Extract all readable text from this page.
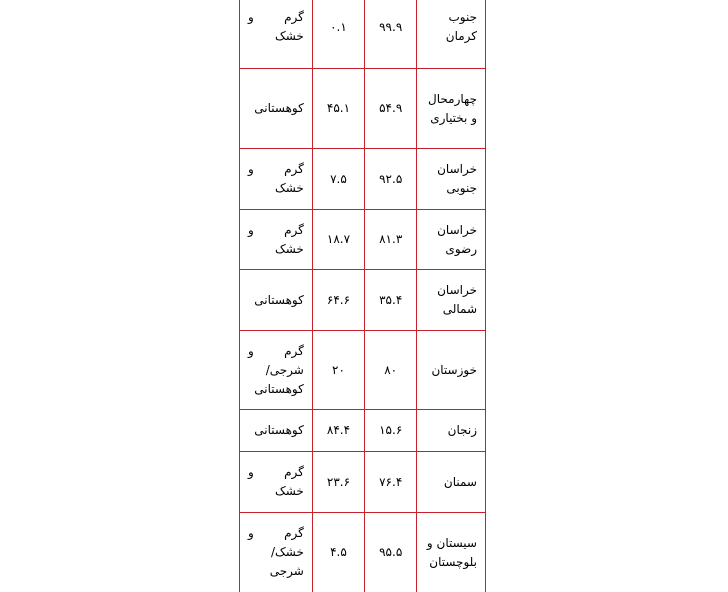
جنوب کرمان	۹۹.۹	۰.۱	گرم و خشک
چهارمحال و بختیاری	۵۴.۹	۴۵.۱	کوهستانی
خراسان جنوبی	۹۲.۵	۷.۵	گرم و خشک
خراسان رضوی	۸۱.۳	۱۸.۷	گرم و خشک
خراسان شمالی	۳۵.۴	۶۴.۶	کوهستانی
خوزستان	۸۰	۲۰	گرم و شرجی/ کوهستانی
زنجان	۱۵.۶	۸۴.۴	کوهستانی
سمنان	۷۶.۴	۲۳.۶	گرم و خشک
سیستان و بلوچستان	۹۵.۵	۴.۵	گرم و خشک/ شرجی
